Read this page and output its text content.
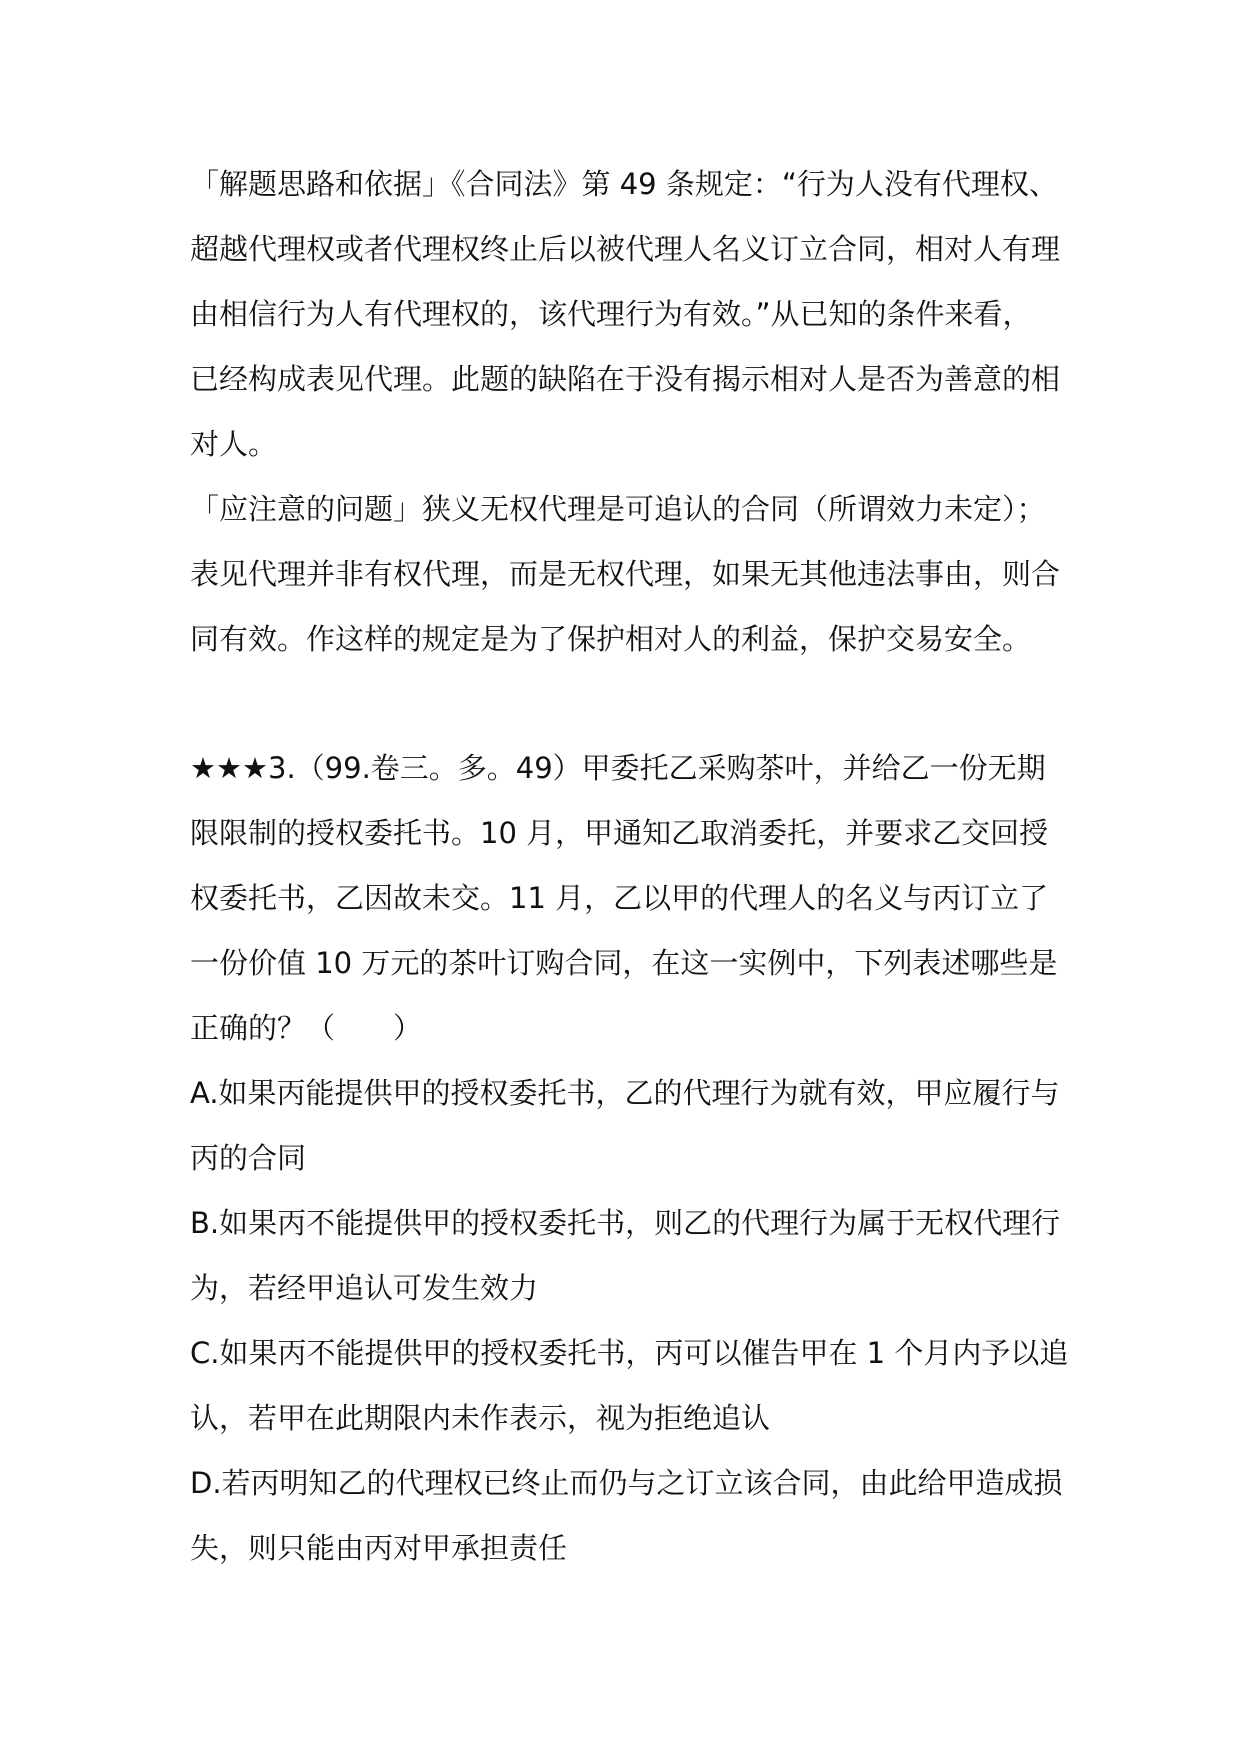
「解题思路和依据」《合同法》第 49 条规定：“行为人没有代理权、
超越代理权或者代理权终止后以被代理人名义订立合同，相对人有理
由相信行为人有代理权的，该代理行为有效。”从已知的条件来看，
已经构成表见代理。此题的缺陷在于没有揭示相对人是否为善意的相
对人。

「应注意的问题」狭义无权代理是可追认的合同（所谓效力未定）；
表见代理并非有权代理，而是无权代理，如果无其他违法事由，则合
同有效。作这样的规定是为了保护相对人的利益，保护交易安全。

★★★3.（99.卷三。多。49）甲委托乙采购茶叶，并给乙一份无期
限限制的授权委托书。10 月，甲通知乙取消委托，并要求乙交回授
权委托书，乙因故未交。11 月，乙以甲的代理人的名义与丙订立了
一份价值 10 万元的茶叶订购合同，在这一实例中，下列表述哪些是
正确的？（　　）

A.如果丙能提供甲的授权委托书，乙的代理行为就有效，甲应履行与
丙的合同

B.如果丙不能提供甲的授权委托书，则乙的代理行为属于无权代理行
为，若经甲追认可发生效力

C.如果丙不能提供甲的授权委托书，丙可以催告甲在 1 个月内予以追
认，若甲在此期限内未作表示，视为拒绝追认

D.若丙明知乙的代理权已终止而仍与之订立该合同，由此给甲造成损
失，则只能由丙对甲承担责任
